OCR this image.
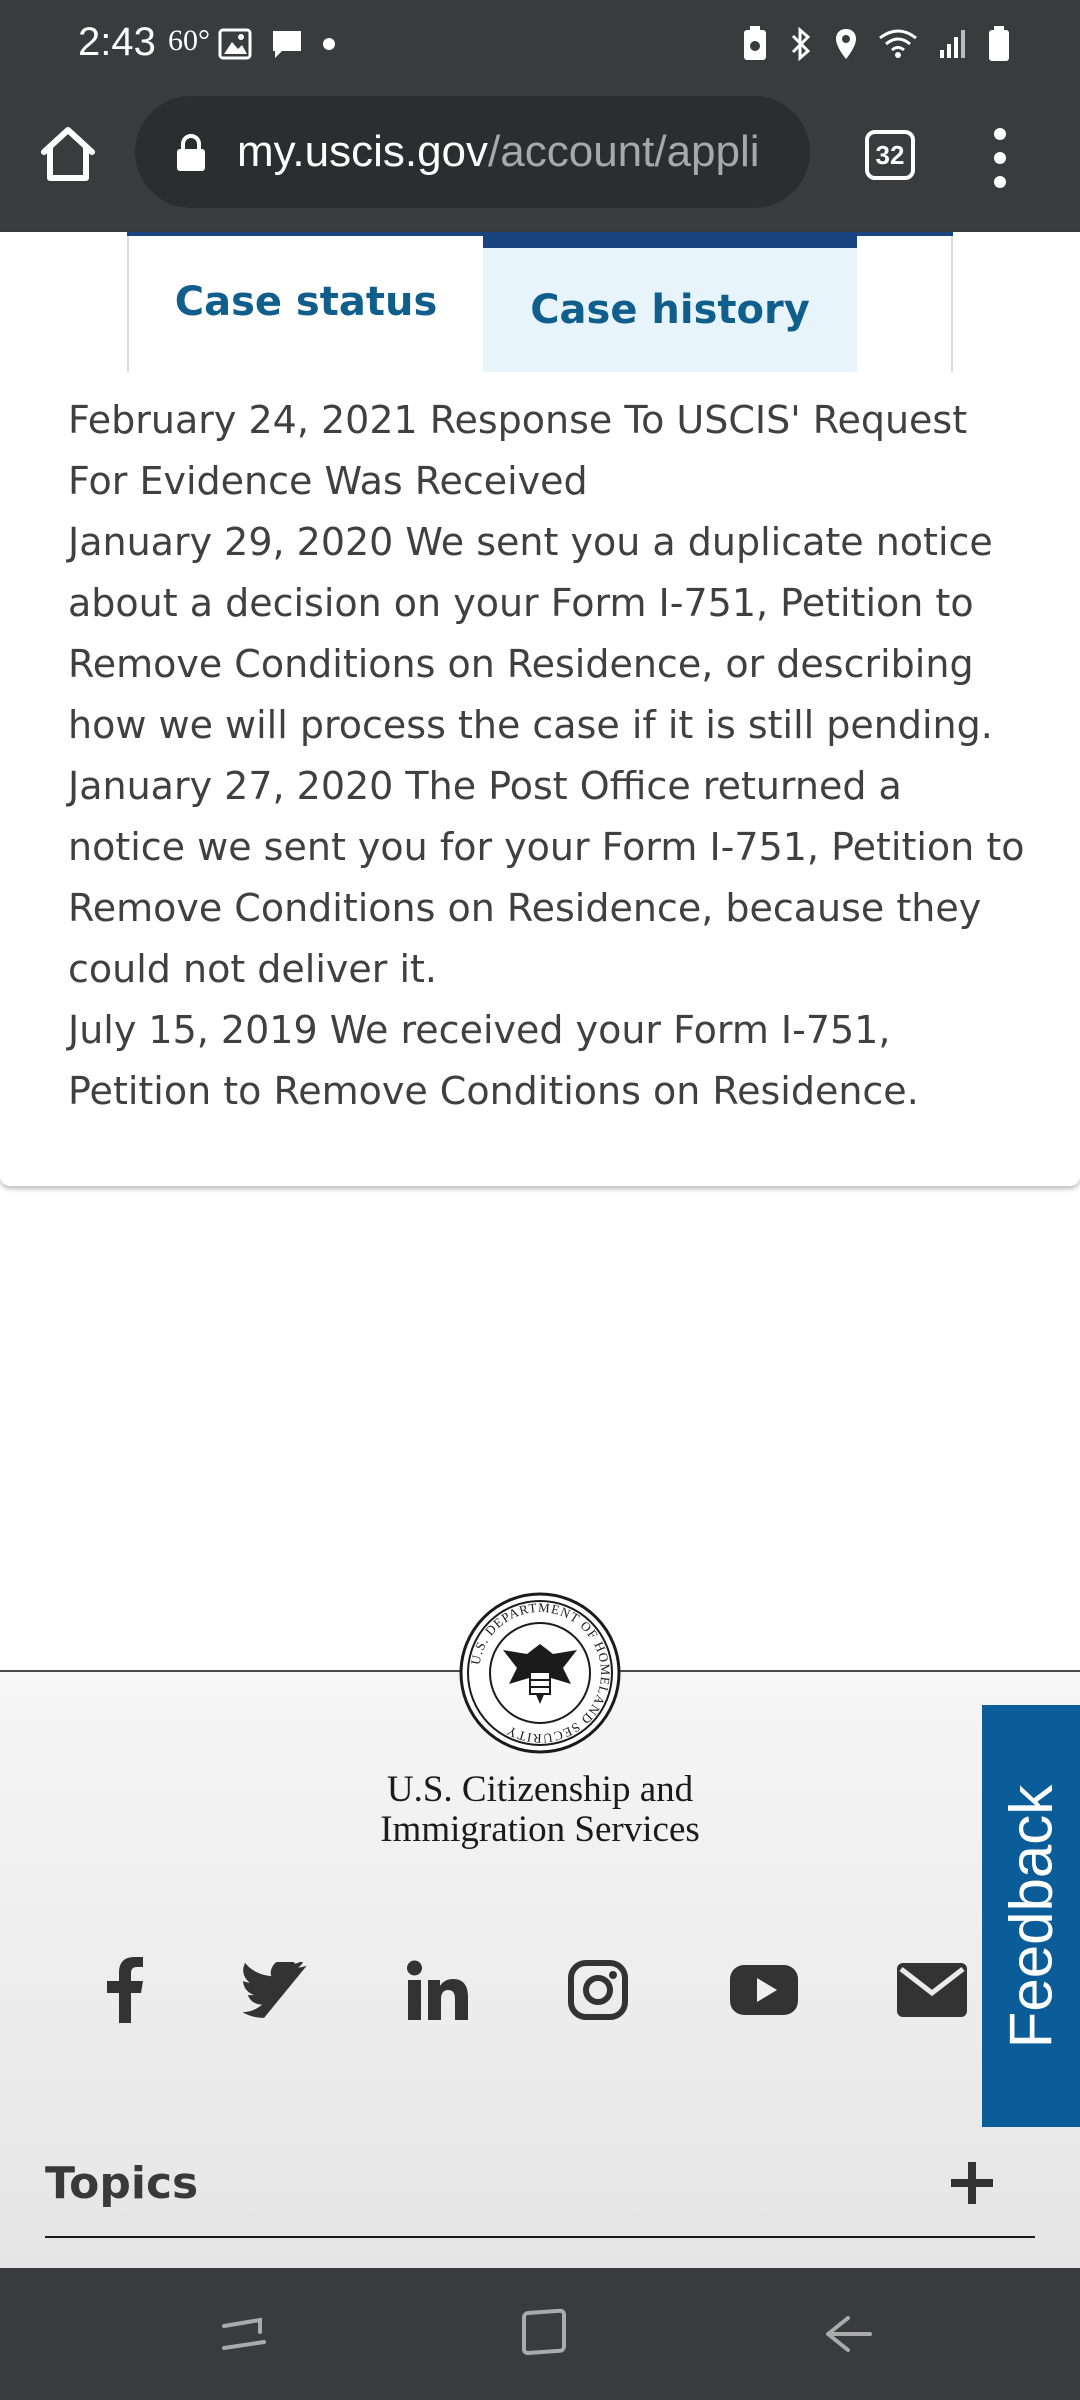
2:43 60°
my.uscis.gov/account/appli	32
Case status	Case history

February 24, 2021 Response To USCIS' Request For Evidence Was Received

January 29, 2020 We sent you a duplicate notice about a decision on your Form I-751, Petition to Remove Conditions on Residence, or describing how we will process the case if it is still pending.

January 27, 2020 The Post Office returned a notice we sent you for your Form I-751, Petition to Remove Conditions on Residence, because they could not deliver it.

July 15, 2019 We received your Form I-751, Petition to Remove Conditions on Residence.

U.S. DEPARTMENT OF HOMELAND SECURITY
U.S. Citizenship and
Immigration Services
Topics
Feedback
